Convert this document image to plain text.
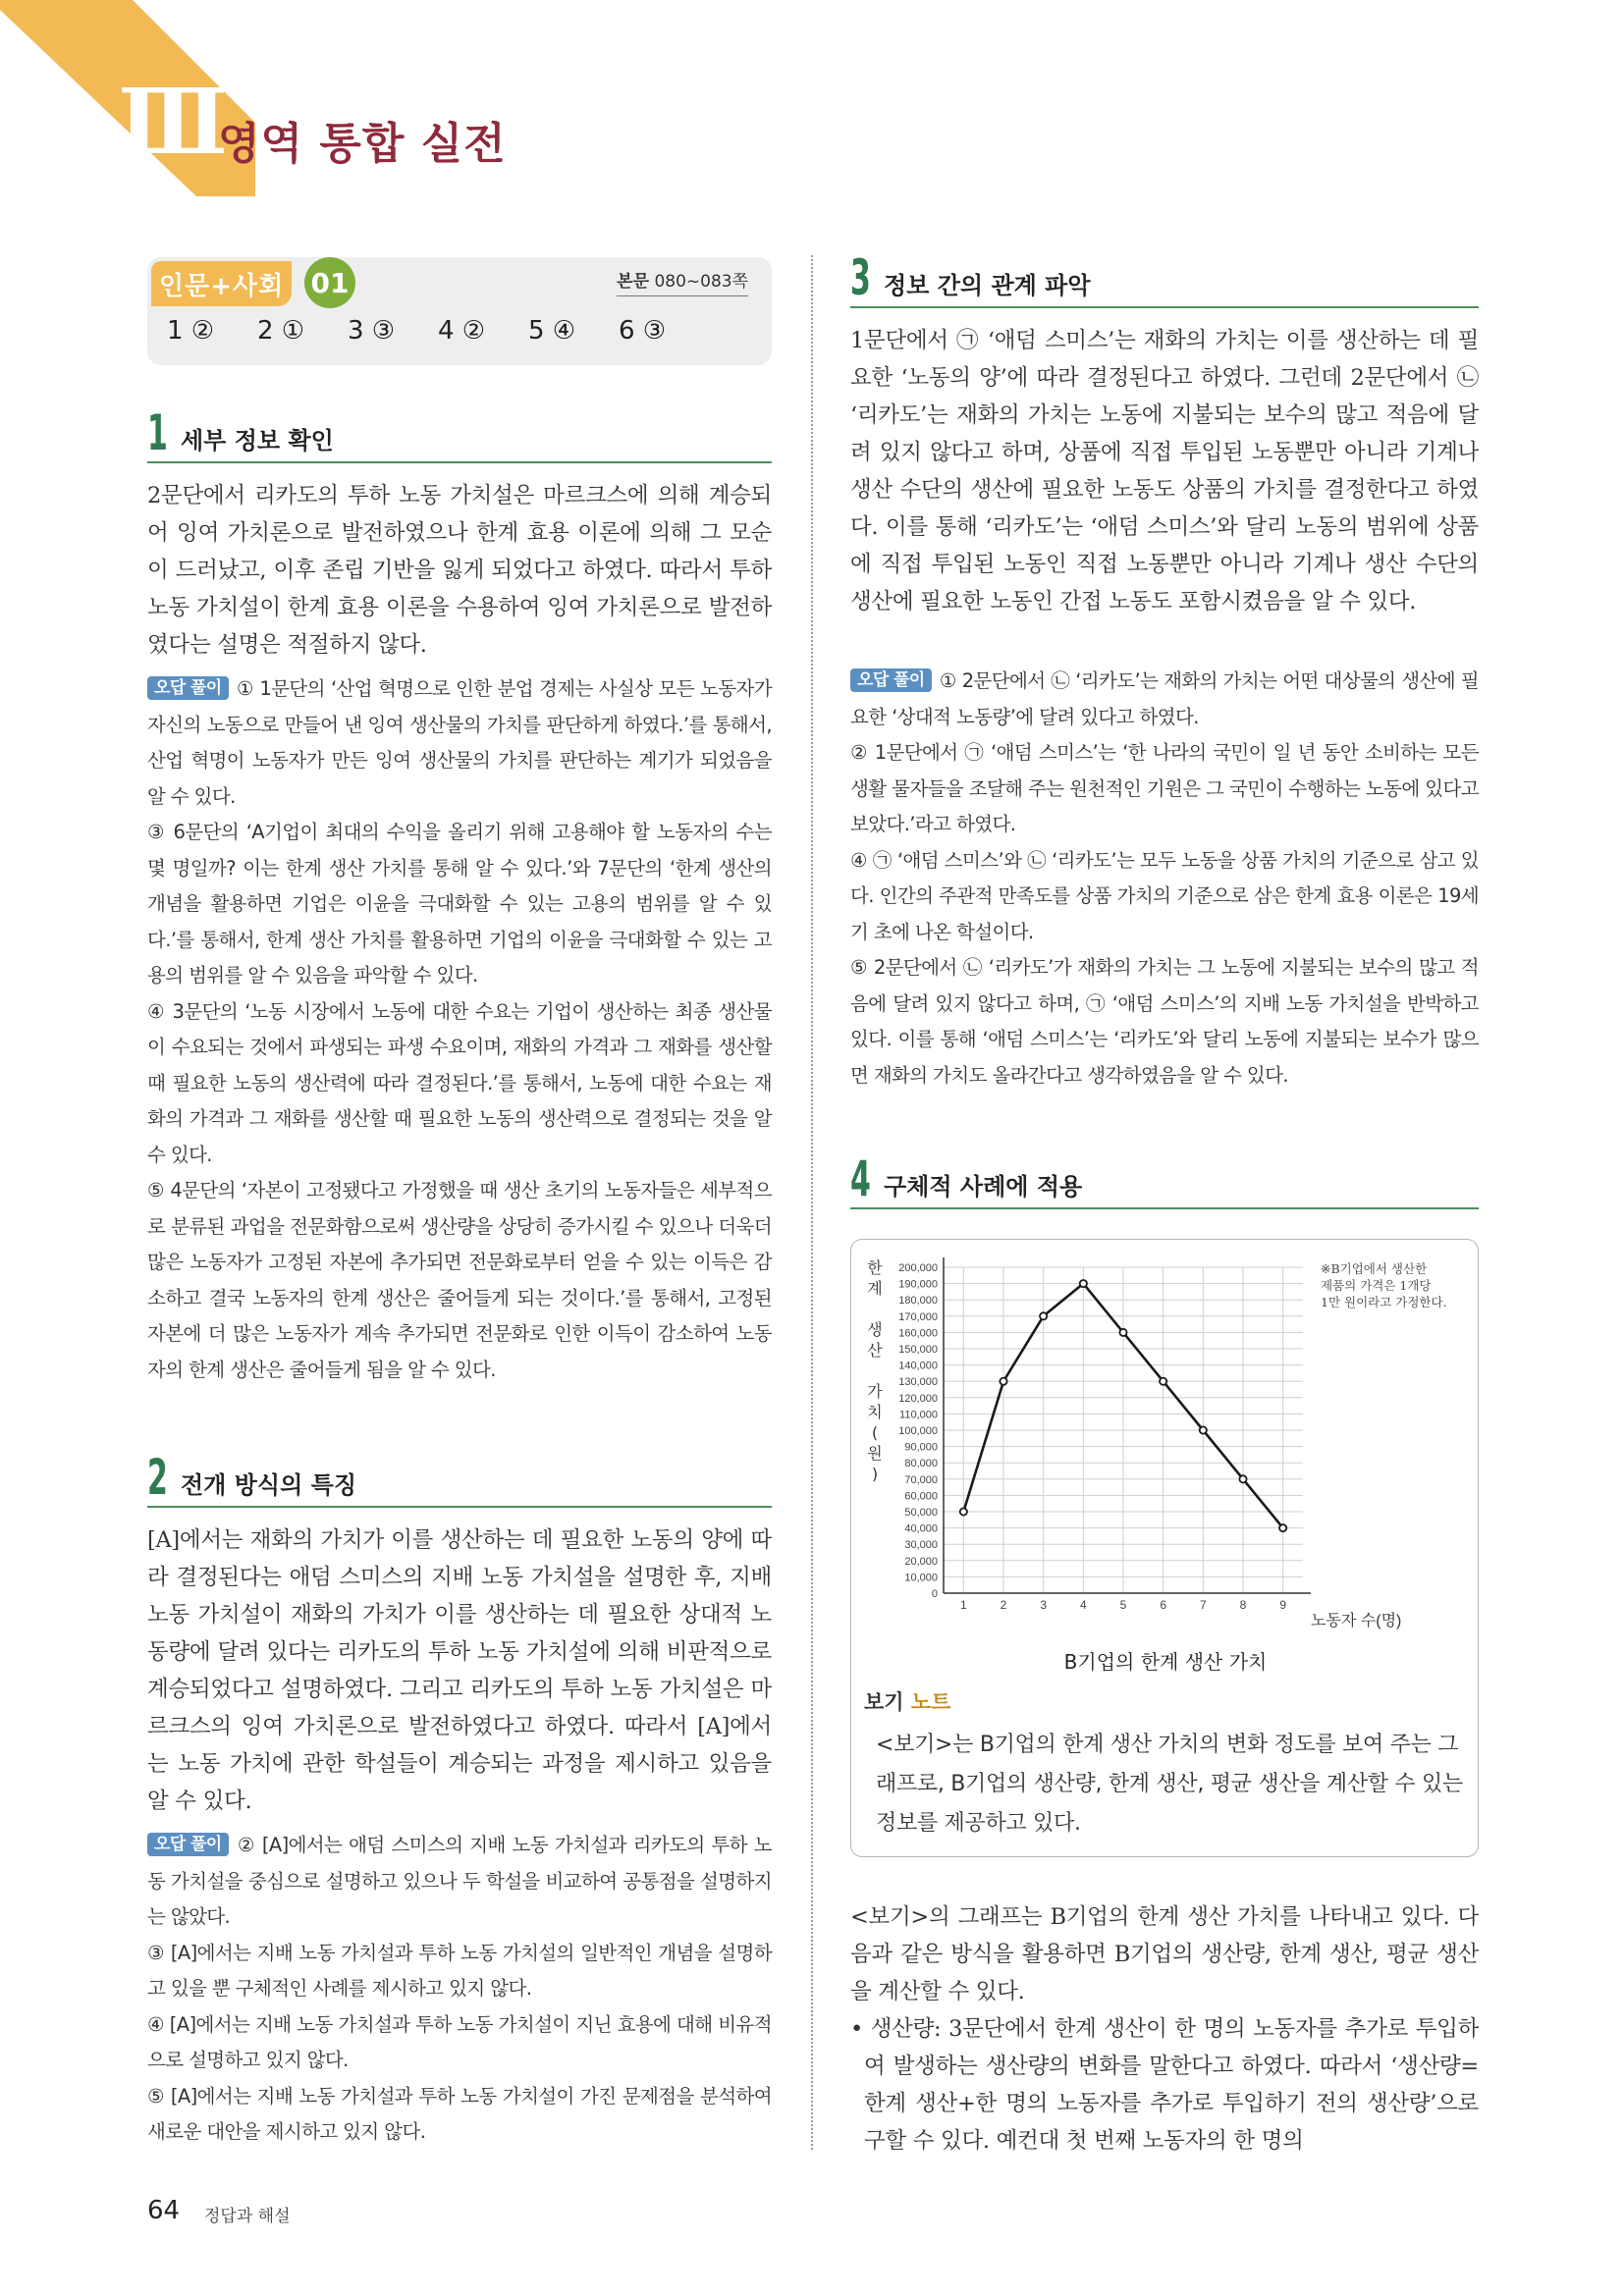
Ⅲ
영역 통합 실전
인문+사회 01	본문 080~083쪽
1 ②	2 ①	3 ③	4 ②	5 ④	6 ③
1 세부 정보 확인
2문단에서 리카도의 투하 노동 가치설은 마르크스에 의해 계승되어 잉여 가치론으로 발전하였으나 한계 효용 이론에 의해 그 모순이 드러났고, 이후 존립 기반을 잃게 되었다고 하였다. 따라서 투하 노동 가치설이 한계 효용 이론을 수용하여 잉여 가치론으로 발전하였다는 설명은 적절하지 않다.
오답 풀이 ① 1문단의 ‘산업 혁명으로 인한 분업 경제는 사실상 모든 노동자가 자신의 노동으로 만들어 낸 잉여 생산물의 가치를 판단하게 하였다.’를 통해서, 산업 혁명이 노동자가 만든 잉여 생산물의 가치를 판단하는 계기가 되었음을 알 수 있다.
③ 6문단의 ‘A기업이 최대의 수익을 올리기 위해 고용해야 할 노동자의 수는 몇 명일까? 이는 한계 생산 가치를 통해 알 수 있다.’와 7문단의 ‘한계 생산의 개념을 활용하면 기업은 이윤을 극대화할 수 있는 고용의 범위를 알 수 있다.’를 통해서, 한계 생산 가치를 활용하면 기업의 이윤을 극대화할 수 있는 고용의 범위를 알 수 있음을 파악할 수 있다.
④ 3문단의 ‘노동 시장에서 노동에 대한 수요는 기업이 생산하는 최종 생산물이 수요되는 것에서 파생되는 파생 수요이며, 재화의 가격과 그 재화를 생산할 때 필요한 노동의 생산력에 따라 결정된다.’를 통해서, 노동에 대한 수요는 재화의 가격과 그 재화를 생산할 때 필요한 노동의 생산력으로 결정되는 것을 알 수 있다.
⑤ 4문단의 ‘자본이 고정됐다고 가정했을 때 생산 초기의 노동자들은 세부적으로 분류된 과업을 전문화함으로써 생산량을 상당히 증가시킬 수 있으나 더욱더 많은 노동자가 고정된 자본에 추가되면 전문화로부터 얻을 수 있는 이득은 감소하고 결국 노동자의 한계 생산은 줄어들게 되는 것이다.’를 통해서, 고정된 자본에 더 많은 노동자가 계속 추가되면 전문화로 인한 이득이 감소하여 노동자의 한계 생산은 줄어들게 됨을 알 수 있다.
2 전개 방식의 특징
[A]에서는 재화의 가치가 이를 생산하는 데 필요한 노동의 양에 따라 결정된다는 애덤 스미스의 지배 노동 가치설을 설명한 후, 지배 노동 가치설이 재화의 가치가 이를 생산하는 데 필요한 상대적 노동량에 달려 있다는 리카도의 투하 노동 가치설에 의해 비판적으로 계승되었다고 설명하였다. 그리고 리카도의 투하 노동 가치설은 마르크스의 잉여 가치론으로 발전하였다고 하였다. 따라서 [A]에서는 노동 가치에 관한 학설들이 계승되는 과정을 제시하고 있음을 알 수 있다.
오답 풀이 ② [A]에서는 애덤 스미스의 지배 노동 가치설과 리카도의 투하 노동 가치설을 중심으로 설명하고 있으나 두 학설을 비교하여 공통점을 설명하지는 않았다.
③ [A]에서는 지배 노동 가치설과 투하 노동 가치설의 일반적인 개념을 설명하고 있을 뿐 구체적인 사례를 제시하고 있지 않다.
④ [A]에서는 지배 노동 가치설과 투하 노동 가치설이 지닌 효용에 대해 비유적으로 설명하고 있지 않다.
⑤ [A]에서는 지배 노동 가치설과 투하 노동 가치설이 가진 문제점을 분석하여 새로운 대안을 제시하고 있지 않다.
3 정보 간의 관계 파악
1문단에서 ㉠ ‘애덤 스미스’는 재화의 가치는 이를 생산하는 데 필요한 ‘노동의 양’에 따라 결정된다고 하였다. 그런데 2문단에서 ㉡ ‘리카도’는 재화의 가치는 노동에 지불되는 보수의 많고 적음에 달려 있지 않다고 하며, 상품에 직접 투입된 노동뿐만 아니라 기계나 생산 수단의 생산에 필요한 노동도 상품의 가치를 결정한다고 하였다. 이를 통해 ‘리카도’는 ‘애덤 스미스’와 달리 노동의 범위에 상품에 직접 투입된 노동인 직접 노동뿐만 아니라 기계나 생산 수단의 생산에 필요한 노동인 간접 노동도 포함시켰음을 알 수 있다.
오답 풀이 ① 2문단에서 ㉡ ‘리카도’는 재화의 가치는 어떤 대상물의 생산에 필요한 ‘상대적 노동량’에 달려 있다고 하였다.
② 1문단에서 ㉠ ‘애덤 스미스’는 ‘한 나라의 국민이 일 년 동안 소비하는 모든 생활 물자들을 조달해 주는 원천적인 기원은 그 국민이 수행하는 노동에 있다고 보았다.’라고 하였다.
④ ㉠ ‘애덤 스미스’와 ㉡ ‘리카도’는 모두 노동을 상품 가치의 기준으로 삼고 있다. 인간의 주관적 만족도를 상품 가치의 기준으로 삼은 한계 효용 이론은 19세기 초에 나온 학설이다.
⑤ 2문단에서 ㉡ ‘리카도’가 재화의 가치는 그 노동에 지불되는 보수의 많고 적음에 달려 있지 않다고 하며, ㉠ ‘애덤 스미스’의 지배 노동 가치설을 반박하고 있다. 이를 통해 ‘애덤 스미스’는 ‘리카도’와 달리 노동에 지불되는 보수가 많으면 재화의 가치도 올라간다고 생각하였음을 알 수 있다.
4 구체적 사례에 적용
한
계
생
산
가
치
(
원
)
0
10,000
20,000
30,000
40,000
50,000
60,000
70,000
80,000
90,000
100,000
110,000
120,000
130,000
140,000
150,000
160,000
170,000
180,000
190,000
200,000
1	2	3	4	5	6	7	8	9
노동자 수(명)
B기업의 한계 생산 가치
※B기업에서 생산한
제품의 가격은 1개당
1만 원이라고 가정한다.
보기 노트
<보기>는 B기업의 한계 생산 가치의 변화 정도를 보여 주는 그래프로, B기업의 생산량, 한계 생산, 평균 생산을 계산할 수 있는 정보를 제공하고 있다.
<보기>의 그래프는 B기업의 한계 생산 가치를 나타내고 있다. 다음과 같은 방식을 활용하면 B기업의 생산량, 한계 생산, 평균 생산을 계산할 수 있다.
• 생산량: 3문단에서 한계 생산이 한 명의 노동자를 추가로 투입하여 발생하는 생산량의 변화를 말한다고 하였다. 따라서 ‘생산량=한계 생산+한 명의 노동자를 추가로 투입하기 전의 생산량’으로 구할 수 있다. 예컨대 첫 번째 노동자의 한 명의
64 정답과 해설
